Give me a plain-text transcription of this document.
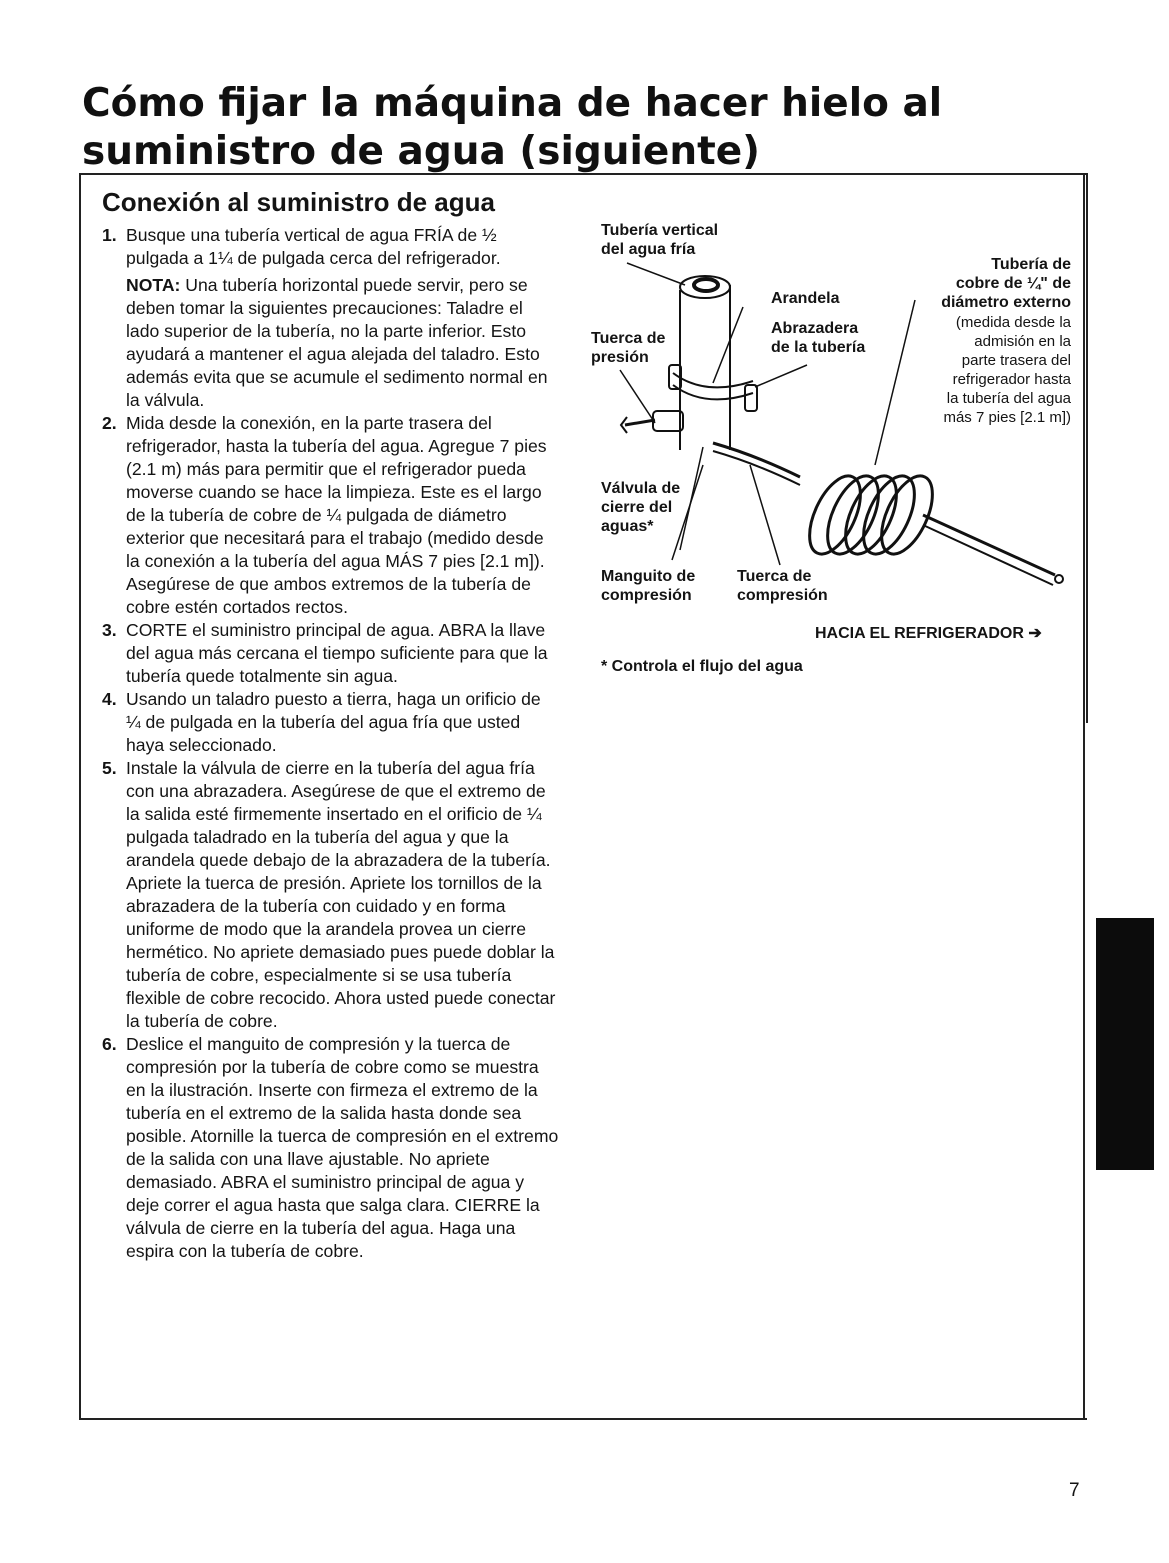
Cómo fijar la máquina de hacer hielo al suministro de agua (siguiente)
Conexión al suministro de agua
1. Busque una tubería vertical de agua FRÍA de ½ pulgada a 1¼ de pulgada cerca del refrigerador.

NOTA: Una tubería horizontal puede servir, pero se deben tomar la siguientes precauciones: Taladre el lado superior de la tubería, no la parte inferior. Esto ayudará a mantener el agua alejada del taladro. Esto además evita que se acumule el sedimento normal en la válvula.

2. Mida desde la conexión, en la parte trasera del refrigerador, hasta la tubería del agua. Agregue 7 pies (2.1 m) más para permitir que el refrigerador pueda moverse cuando se hace la limpieza. Este es el largo de la tubería de cobre de ¼ pulgada de diámetro exterior que necesitará para el trabajo (medido desde la conexión a la tubería del agua MÁS 7 pies [2.1 m]). Asegúrese de que ambos extremos de la tubería de cobre estén cortados rectos.
3. CORTE el suministro principal de agua. ABRA la llave del agua más cercana el tiempo suficiente para que la tubería quede totalmente sin agua.
4. Usando un taladro puesto a tierra, haga un orificio de ¼ de pulgada en la tubería del agua fría que usted haya seleccionado.
5. Instale la válvula de cierre en la tubería del agua fría con una abrazadera. Asegúrese de que el extremo de la salida esté firmemente insertado en el orificio de ¼ pulgada taladrado en la tubería del agua y que la arandela quede debajo de la abrazadera de la tubería. Apriete la tuerca de presión. Apriete los tornillos de la abrazadera de la tubería con cuidado y en forma uniforme de modo que la arandela provea un cierre hermético. No apriete demasiado pues puede doblar la tubería de cobre, especialmente si se usa tubería flexible de cobre recocido. Ahora usted puede conectar la tubería de cobre.
6. Deslice el manguito de compresión y la tuerca de compresión por la tubería de cobre como se muestra en la ilustración. Inserte con firmeza el extremo de la tubería en el extremo de la salida hasta donde sea posible. Atornille la tuerca de compresión en el extremo de la salida con una llave ajustable. No apriete demasiado. ABRA el suministro principal de agua y deje correr el agua hasta que salga clara. CIERRE la válvula de cierre en la tubería del agua. Haga una espira con la tubería de cobre.

Tubería vertical
del agua fría

Arandela

Abrazadera
de la tubería

Tubería de
cobre de ¼" de
diámetro externo

(medida desde la
admisión en la
parte trasera del
refrigerador hasta
la tubería del agua
más 7 pies [2.1 m])

Tuerca de
presión

Válvula de
cierre del
aguas*

Manguito de
compresión

Tuerca de
compresión

HACIA EL REFRIGERADOR ➔

* Controla el flujo del agua

7
